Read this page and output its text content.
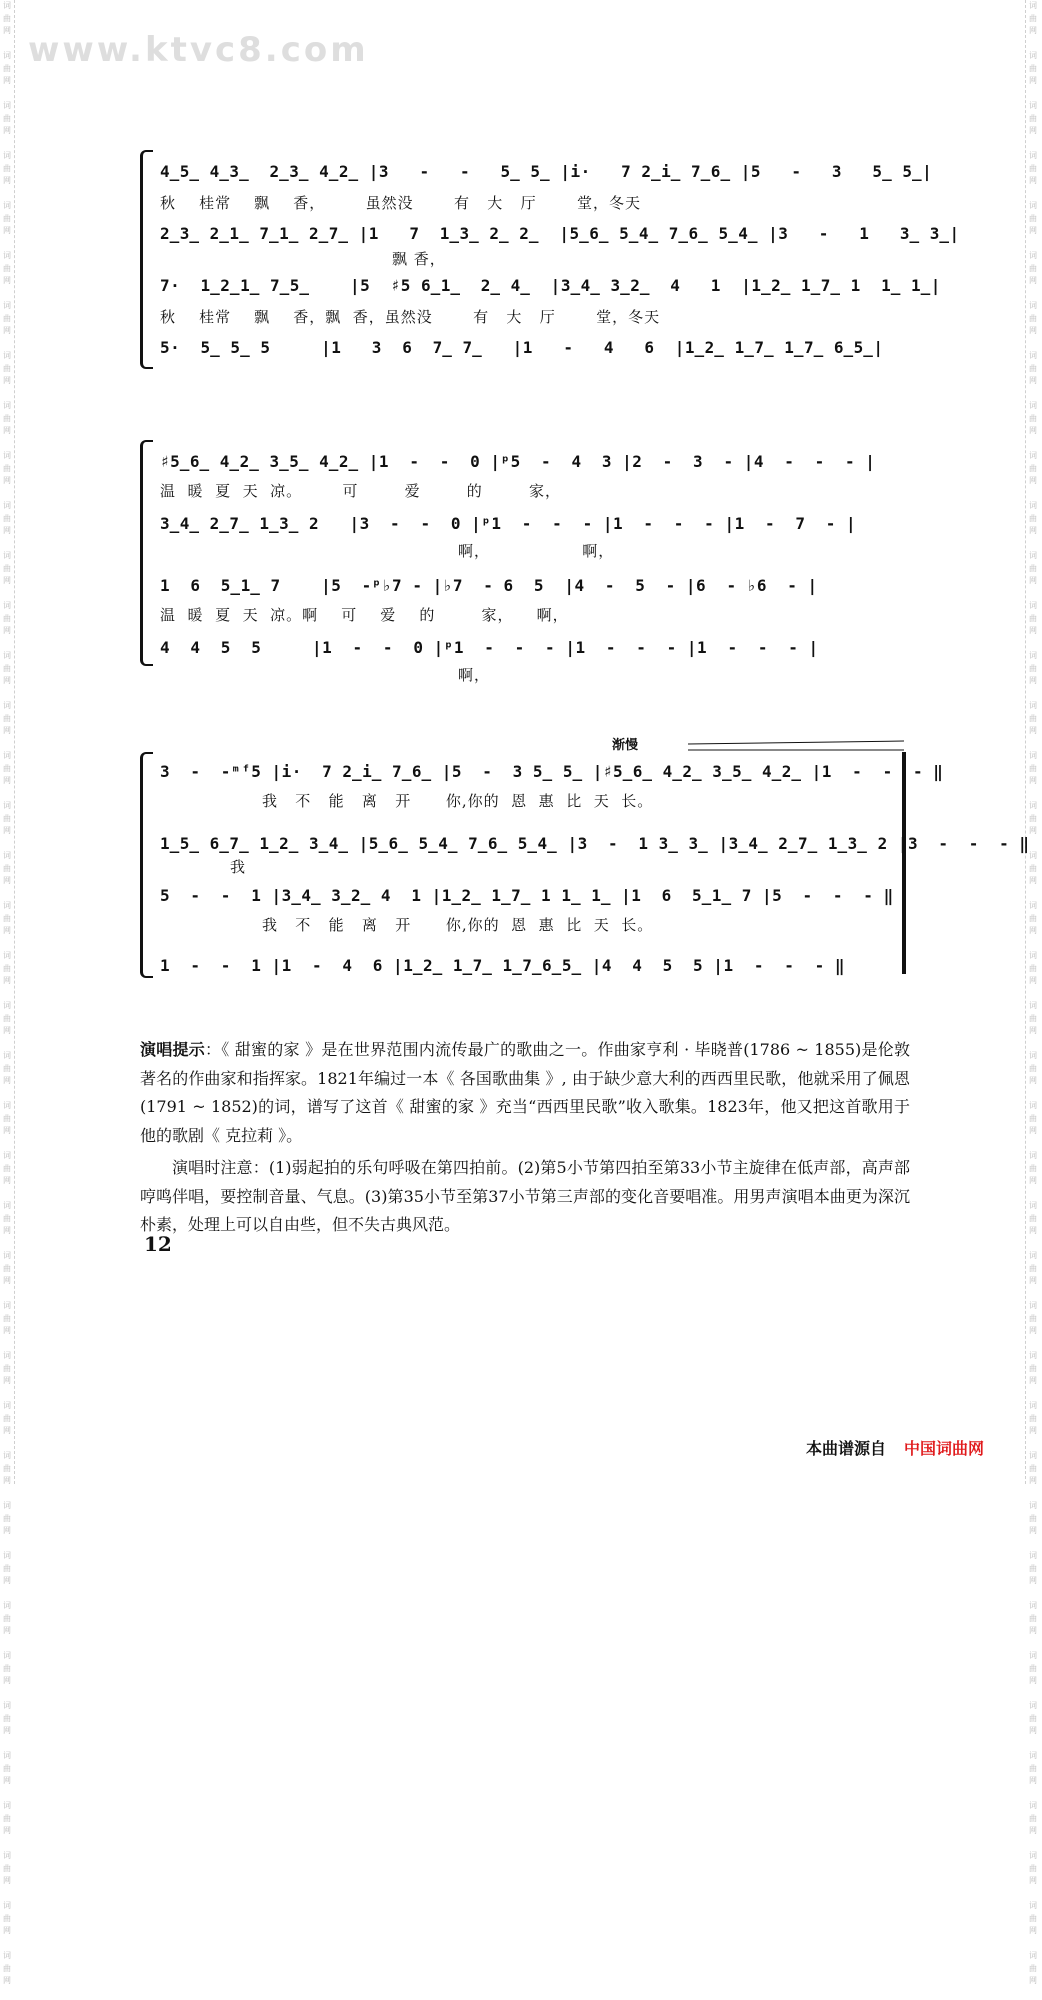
词
曲
网

词
曲
网

词
曲
网

词
曲
网

词
曲
网

词
曲
网

词
曲
网

词
曲
网

词
曲
网

词
曲
网

词
曲
网

词
曲
网

词
曲
网

词
曲
网

词
曲
网

词
曲
网

词
曲
网

词
曲
网

词
曲
网

词
曲
网

词
曲
网

词
曲
网

词
曲
网

词
曲
网

词
曲
网

词
曲
网

词
曲
网

词
曲
网

词
曲
网

词
曲
网

词
曲
网

词
曲
网

词
曲
网

词
曲
网

词
曲
网

词
曲
网

词
曲
网

词
曲
网

词
曲
网

词
曲
网

词
曲
网

词
曲
网

词
曲
网

词
曲
网

词
曲
网

词
曲
网

词
曲
网

词
曲
网

词
曲
网

词
曲
网

词
曲
网

词
曲
网

词
曲
网

词
曲
网

词
曲
网

词
曲
网

词
曲
网

词
曲
网

词
曲
网

词
曲
网

词
曲
网

词
曲
网

词
曲
网

词
曲
网

词
曲
网

词
曲
网

词
曲
网

词
曲
网

词
曲
网

词
曲
网

词
曲
网

词
曲
网

词
曲
网

词
曲
网

词
曲
网

词
曲
网

词
曲
网

词
曲
网

词
曲
网

词
曲
网

www.ktvc8.com
4̲5̲ 4̲3̲  2̲3̲ 4̲2̲ |3   -   -   5̲ 5̲ |i·   7 2̲i̲ 7̲6̲ |5   -   3   5̲ 5̲|
秋    桂常    飘    香，       虽然没       有   大   厅       堂，冬天
2̲3̲ 2̲1̲ 7̲1̲ 2̲7̲ |1   7  1̲3̲ 2̲ 2̲  |5̲6̲ 5̲4̲ 7̲6̲ 5̲4̲ |3   -   1   3̲ 3̲|
飘 香，
7·  1̲2̲1̲ 7̲5̲    |5  ♯5 6̲1̲  2̲ 4̲  |3̲4̲ 3̲2̲  4   1  |1̲2̲ 1̲7̲ 1  1̲ 1̲|
秋    桂常    飘    香，飘  香，虽然没       有   大   厅       堂，冬天
5·  5̲ 5̲ 5     |1   3  6  7̲ 7̲   |1   -   4   6  |1̲2̲ 1̲7̲ 1̲7̲ 6̲5̲|
♯5̲6̲ 4̲2̲ 3̲5̲ 4̲2̲ |1  -  -  0 |ᵖ5  -  4  3 |2  -  3  - |4  -  -  - |
温  暖  夏  天  凉。       可        爱        的        家，
3̲4̲ 2̲7̲ 1̲3̲ 2   |3  -  -  0 |ᵖ1  -  -  - |1  -  -  - |1  -  7  - |
啊，                啊，
1  6  5̲1̲ 7    |5  -ᵖ♭7 - |♭7  - 6  5  |4  -  5  - |6  - ♭6  - |
温  暖  夏  天  凉。啊    可    爱    的        家，    啊，
4  4  5  5     |1  -  -  0 |ᵖ1  -  -  - |1  -  -  - |1  -  -  - |
啊，
渐慢
3  -  -ᵐᶠ5 |i·  7 2̲i̲ 7̲6̲ |5  -  3 5̲ 5̲ |♯5̲6̲ 4̲2̲ 3̲5̲ 4̲2̲ |1  -  -  - ‖
我   不   能   离   开      你,你的  恩  惠  比  天  长。
1̲5̲ 6̲7̲ 1̲2̲ 3̲4̲ |5̲6̲ 5̲4̲ 7̲6̲ 5̲4̲ |3  -  1 3̲ 3̲ |3̲4̲ 2̲7̲ 1̲3̲ 2 |3  -  -  - ‖
我
5  -  -  1 |3̲4̲ 3̲2̲ 4  1 |1̲2̲ 1̲7̲ 1 1̲ 1̲ |1  6  5̲1̲ 7 |5  -  -  - ‖
我   不   能   离   开      你,你的  恩  惠  比  天  长。
1  -  -  1 |1  -  4  6 |1̲2̲ 1̲7̲ 1̲7̲6̲5̲ |4  4  5  5 |1  -  -  - ‖

演唱提示：《 甜蜜的家 》是在世界范围内流传最广的歌曲之一。作曲家亨利 · 毕晓普(1786 ~ 1855)是伦敦著名的作曲家和指挥家。1821年编过一本《 各国歌曲集 》, 由于缺少意大利的西西里民歌，他就采用了佩恩(1791 ~ 1852)的词，谱写了这首《 甜蜜的家 》充当“西西里民歌”收入歌集。1823年，他又把这首歌用于他的歌剧《 克拉莉 》。

演唱时注意：(1)弱起拍的乐句呼吸在第四拍前。(2)第5小节第四拍至第33小节主旋律在低声部，高声部哼鸣伴唱，要控制音量、气息。(3)第35小节至第37小节第三声部的变化音要唱准。用男声演唱本曲更为深沉朴素，处理上可以自由些，但不失古典风范。

12
本曲谱源自 中国词曲网
